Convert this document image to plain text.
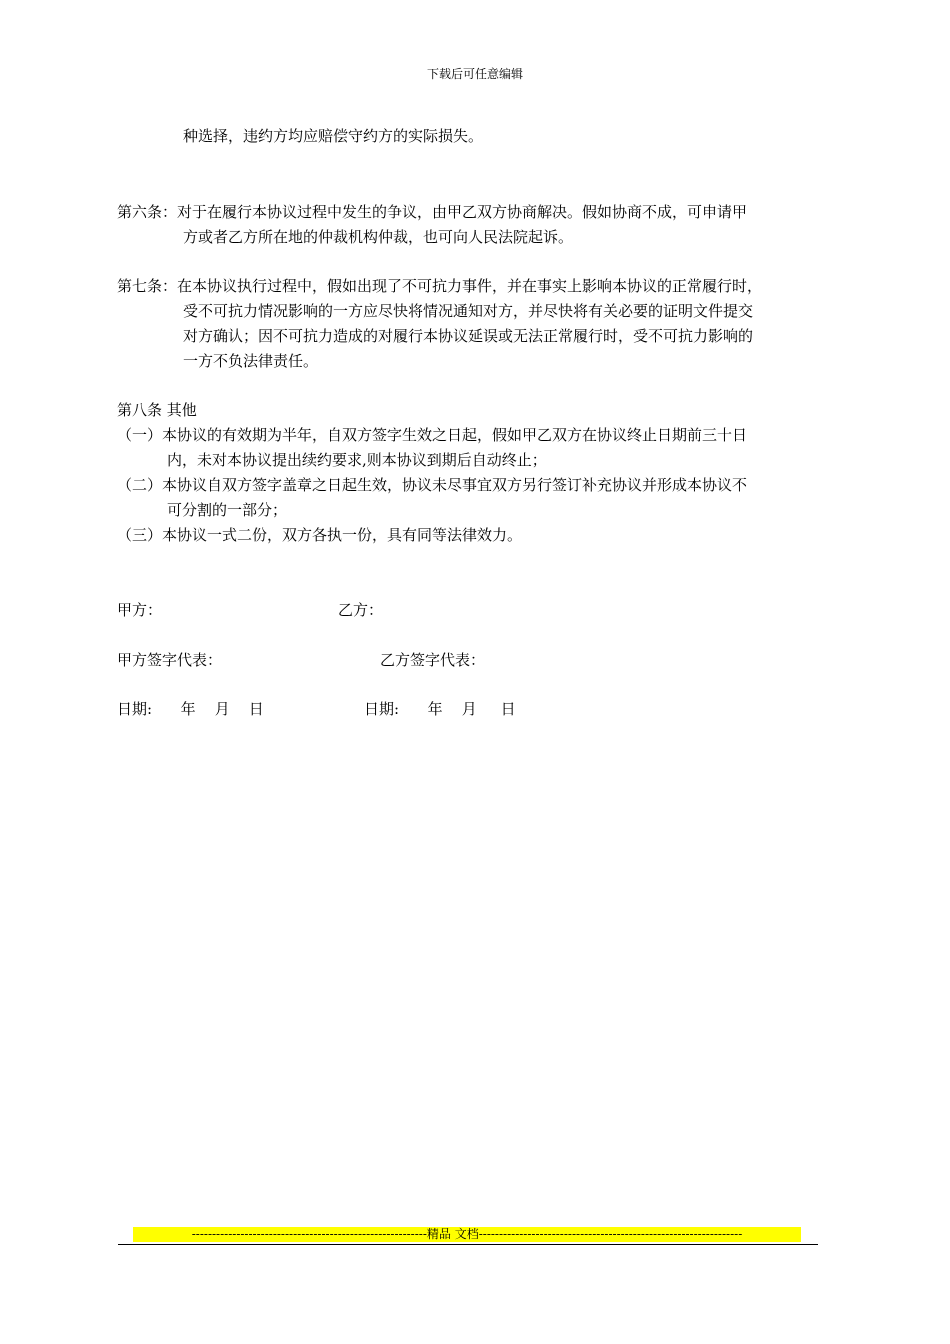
下载后可任意编辑
种选择，违约方均应赔偿守约方的实际损失。
第六条：对于在履行本协议过程中发生的争议，由甲乙双方协商解决。假如协商不成，可申请甲
方或者乙方所在地的仲裁机构仲裁，也可向人民法院起诉。
第七条：在本协议执行过程中，假如出现了不可抗力事件，并在事实上影响本协议的正常履行时，
受不可抗力情况影响的一方应尽快将情况通知对方，并尽快将有关必要的证明文件提交
对方确认；因不可抗力造成的对履行本协议延误或无法正常履行时，受不可抗力影响的
一方不负法律责任。
第八条 其他
（一）本协议的有效期为半年，自双方签字生效之日起，假如甲乙双方在协议终止日期前三十日
内，未对本协议提出续约要求,则本协议到期后自动终止；
（二）本协议自双方签字盖章之日起生效，协议未尽事宜双方另行签订补充协议并形成本协议不
可分割的一部分；
（三）本协议一式二份，双方各执一份，具有同等法律效力。
甲方：	乙方：
甲方签字代表：	乙方签字代表：
日期:      年    月    日	日期:      年    月     日
----------------------------------------------------------精品 文档-----------------------------------------------------------------
